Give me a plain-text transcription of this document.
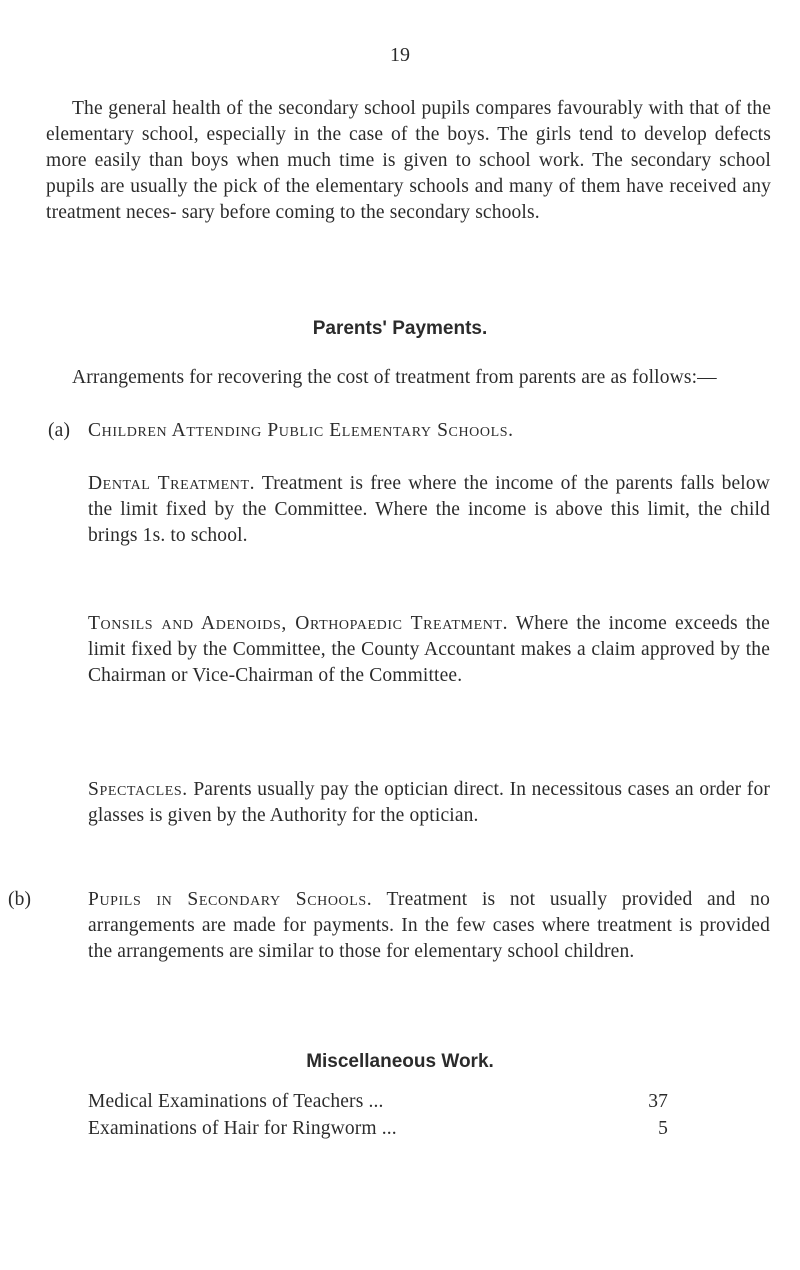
19

The general health of the secondary school pupils compares favourably with that of the elementary school, especially in the case of the boys. The girls tend to develop defects more easily than boys when much time is given to school work. The secondary school pupils are usually the pick of the elementary schools and many of them have received any treatment neces- sary before coming to the secondary schools.

Parents' Payments.

Arrangements for recovering the cost of treatment from parents are as follows:—

(a) Children Attending Public Elementary Schools.

Dental Treatment. Treatment is free where the income of the parents falls below the limit fixed by the Committee. Where the income is above this limit, the child brings 1s. to school.

Tonsils and Adenoids, Orthopaedic Treatment. Where the income exceeds the limit fixed by the Committee, the County Accountant makes a claim approved by the Chairman or Vice-Chairman of the Committee.

Spectacles. Parents usually pay the optician direct. In necessitous cases an order for glasses is given by the Authority for the optician.

(b)	Pupils in Secondary Schools. Treatment is not usually provided and no arrangements are made for payments. In the few cases where treatment is provided the arrangements are similar to those for elementary school children.

Miscellaneous Work.
Medical Examinations of Teachers ...	37
Examinations of Hair for Ringworm ...	5
